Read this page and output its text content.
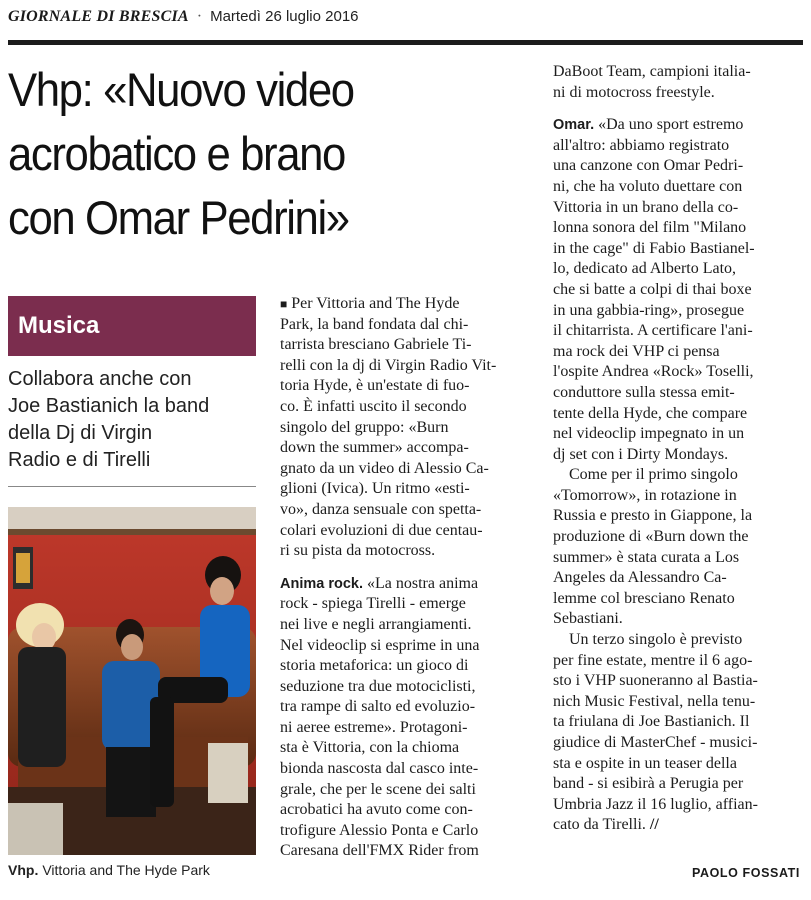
GIORNALE DI BRESCIA · Martedì 26 luglio 2016
Vhp: «Nuovo video
acrobatico e brano
con Omar Pedrini»
Musica
Collabora anche con
Joe Bastianich la band
della Dj di Virgin
Radio e di Tirelli
Vhp. Vittoria and The Hyde Park
■ Per Vittoria and The Hyde
Park, la band fondata dal chi-
tarrista bresciano Gabriele Ti-
relli con la dj di Virgin Radio Vit-
toria Hyde, è un'estate di fuo-
co. È infatti uscito il secondo
singolo del gruppo: «Burn
down the summer» accompa-
gnato da un video di Alessio Ca-
glioni (Ivica). Un ritmo «esti-
vo», danza sensuale con spetta-
colari evoluzioni di due centau-
ri su pista da motocross.
Anima rock. «La nostra anima
rock - spiega Tirelli - emerge
nei live e negli arrangiamenti.
Nel videoclip si esprime in una
storia metaforica: un gioco di
seduzione tra due motociclisti,
tra rampe di salto ed evoluzio-
ni aeree estreme». Protagoni-
sta è Vittoria, con la chioma
bionda nascosta dal casco inte-
grale, che per le scene dei salti
acrobatici ha avuto come con-
trofigure Alessio Ponta e Carlo
Caresana dell'FMX Rider from
DaBoot Team, campioni italia-
ni di motocross freestyle.
Omar. «Da uno sport estremo
all'altro: abbiamo registrato
una canzone con Omar Pedri-
ni, che ha voluto duettare con
Vittoria in un brano della co-
lonna sonora del film "Milano
in the cage" di Fabio Bastianel-
lo, dedicato ad Alberto Lato,
che si batte a colpi di thai boxe
in una gabbia-ring», prosegue
il chitarrista. A certificare l'ani-
ma rock dei VHP ci pensa
l'ospite Andrea «Rock» Toselli,
conduttore sulla stessa emit-
tente della Hyde, che compare
nel videoclip impegnato in un
dj set con i Dirty Mondays.
Come per il primo singolo
«Tomorrow», in rotazione in
Russia e presto in Giappone, la
produzione di «Burn down the
summer» è stata curata a Los
Angeles da Alessandro Ca-
lemme col bresciano Renato
Sebastiani.
Un terzo singolo è previsto
per fine estate, mentre il 6 ago-
sto i VHP suoneranno al Bastia-
nich Music Festival, nella tenu-
ta friulana di Joe Bastianich. Il
giudice di MasterChef - musici-
sta e ospite in un teaser della
band - si esibirà a Perugia per
Umbria Jazz il 16 luglio, affian-
cato da Tirelli. //
PAOLO FOSSATI
